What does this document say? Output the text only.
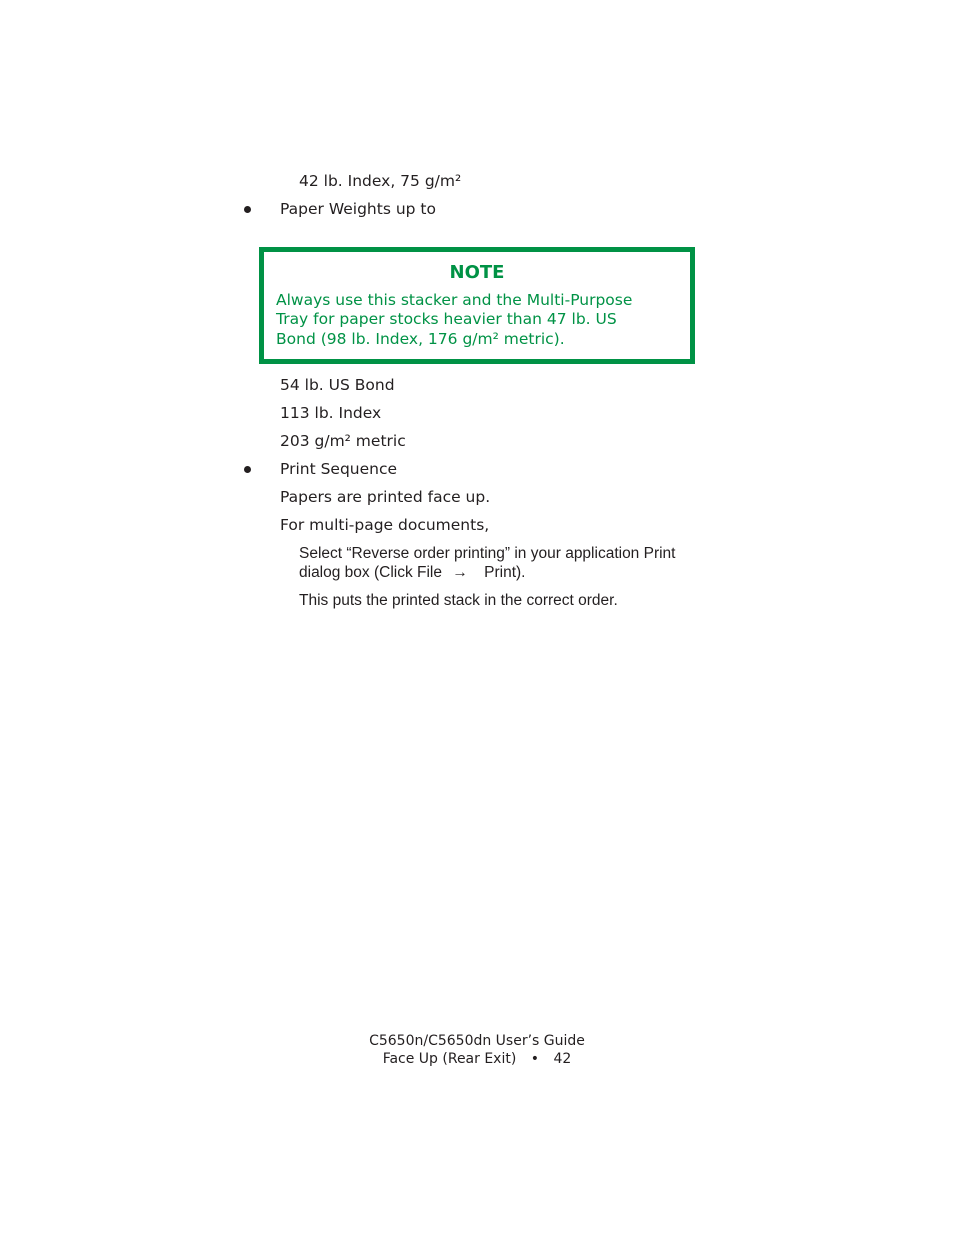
42 lb. Index, 75 g/m²
Paper Weights up to
NOTE
Always use this stacker and the Multi-Purpose
Tray for paper stocks heavier than 47 lb. US
Bond (98 lb. Index, 176 g/m² metric).
54 lb. US Bond
113 lb. Index
203 g/m² metric
Print Sequence
Papers are printed face up.
For multi-page documents,
Select “Reverse order printing” in your application Print
dialog box (Click File → Print).
This puts the printed stack in the correct order.
C5650n/C5650dn User’s Guide
Face Up (Rear Exit) • 42
